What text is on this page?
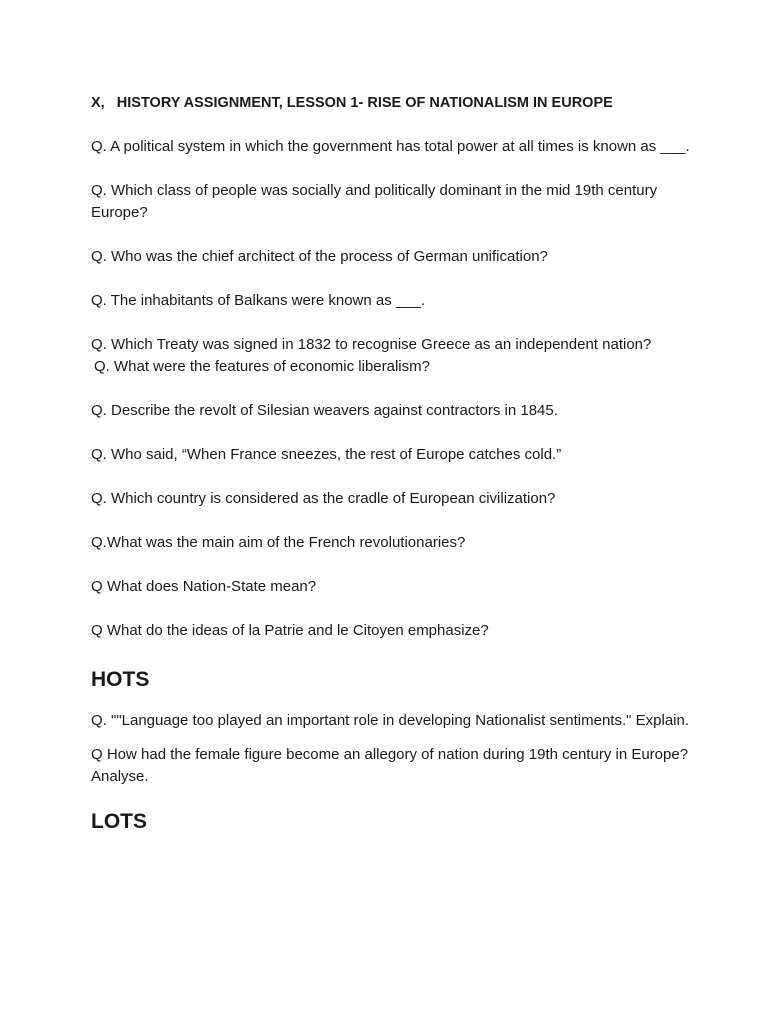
X,   HISTORY ASSIGNMENT, LESSON 1- RISE OF NATIONALISM IN EUROPE
Q. A political system in which the government has total power at all times is known as ___.
Q. Which class of people was socially and politically dominant in the mid 19th century Europe?
Q. Who was the chief architect of the process of German unification?
Q. The inhabitants of Balkans were known as ___.
Q. Which Treaty was signed in 1832 to recognise Greece as an independent nation?
Q. What were the features of economic liberalism?
Q. Describe the revolt of Silesian weavers against contractors in 1845.
Q. Who said, “When France sneezes, the rest of Europe catches cold.”
Q. Which country is considered as the cradle of European civilization?
Q.What was the main aim of the French revolutionaries?
Q What does Nation-State mean?
Q What do the ideas of la Patrie and le Citoyen emphasize?
HOTS
Q. ""Language too played an important role in developing Nationalist sentiments." Explain.
Q How had the female figure become an allegory of nation during 19th century in Europe? Analyse.
LOTS
